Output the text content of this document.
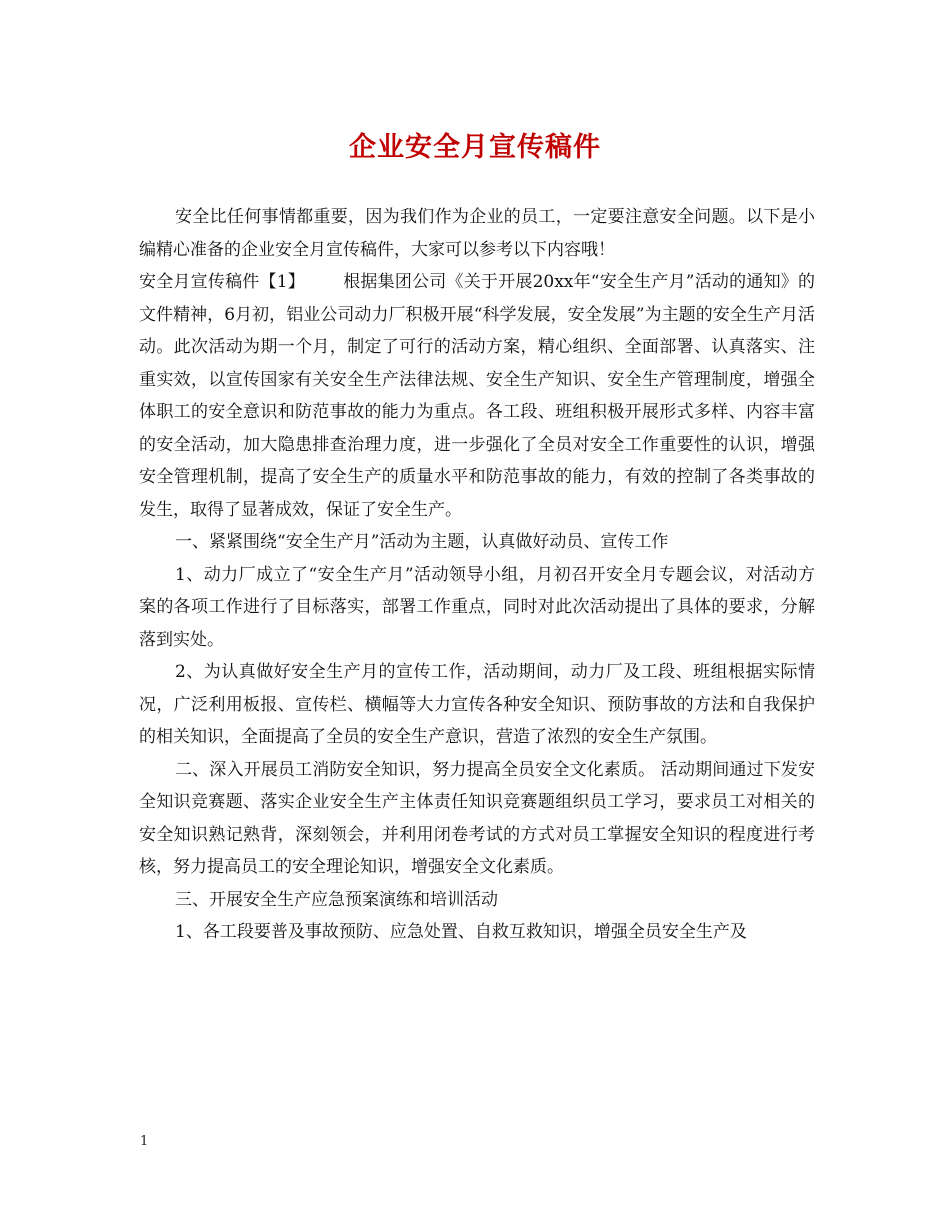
企业安全月宣传稿件

安全比任何事情都重要，因为我们作为企业的员工，一定要注意安全问题。以下是小编精心准备的企业安全月宣传稿件，大家可以参考以下内容哦！

安全月宣传稿件【1】 根据集团公司《关于开展20xx年“安全生产月”活动的通知》的文件精神，6月初，铝业公司动力厂积极开展“科学发展，安全发展”为主题的安全生产月活动。此次活动为期一个月，制定了可行的活动方案，精心组织、全面部署、认真落实、注重实效，以宣传国家有关安全生产法律法规、安全生产知识、安全生产管理制度，增强全体职工的安全意识和防范事故的能力为重点。各工段、班组积极开展形式多样、内容丰富的安全活动，加大隐患排查治理力度，进一步强化了全员对安全工作重要性的认识，增强安全管理机制，提高了安全生产的质量水平和防范事故的能力，有效的控制了各类事故的发生，取得了显著成效，保证了安全生产。

一、紧紧围绕“安全生产月”活动为主题，认真做好动员、宣传工作

1、动力厂成立了“安全生产月”活动领导小组，月初召开安全月专题会议，对活动方案的各项工作进行了目标落实，部署工作重点，同时对此次活动提出了具体的要求，分解落到实处。

2、为认真做好安全生产月的宣传工作，活动期间，动力厂及工段、班组根据实际情况，广泛利用板报、宣传栏、横幅等大力宣传各种安全知识、预防事故的方法和自我保护的相关知识，全面提高了全员的安全生产意识，营造了浓烈的安全生产氛围。

二、深入开展员工消防安全知识，努力提高全员安全文化素质。 活动期间通过下发安全知识竞赛题、落实企业安全生产主体责任知识竞赛题组织员工学习，要求员工对相关的安全知识熟记熟背，深刻领会，并利用闭卷考试的方式对员工掌握安全知识的程度进行考核，努力提高员工的安全理论知识，增强安全文化素质。

三、开展安全生产应急预案演练和培训活动

1、各工段要普及事故预防、应急处置、自救互救知识，增强全员安全生产及

1
